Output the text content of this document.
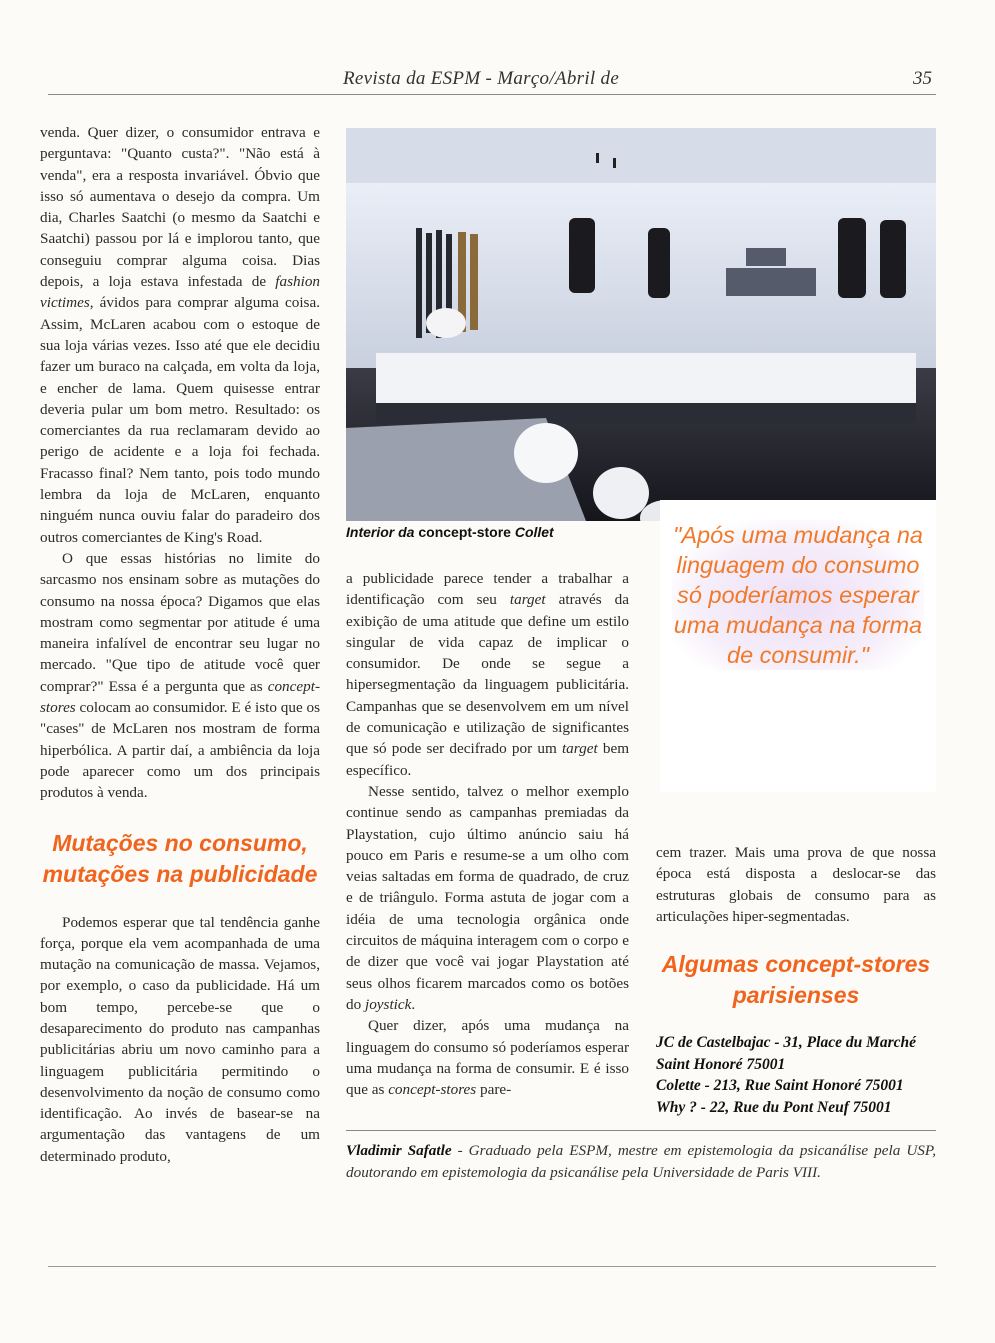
Revista da ESPM - Março/Abril de	35

venda. Quer dizer, o consumidor entrava e perguntava: "Quanto custa?". "Não está à venda", era a resposta invariável. Óbvio que isso só aumentava o desejo da compra. Um dia, Charles Saatchi (o mesmo da Saatchi e Saatchi) passou por lá e implorou tanto, que conseguiu comprar alguma coisa. Dias depois, a loja estava infestada de fashion victimes, ávidos para comprar alguma coisa. Assim, McLaren acabou com o estoque de sua loja várias vezes. Isso até que ele decidiu fazer um buraco na calçada, em volta da loja, e encher de lama. Quem quisesse entrar deveria pular um bom metro. Resultado: os comerciantes da rua reclamaram devido ao perigo de acidente e a loja foi fechada. Fracasso final? Nem tanto, pois todo mundo lembra da loja de McLaren, enquanto ninguém nunca ouviu falar do paradeiro dos outros comerciantes de King's Road.

O que essas histórias no limite do sarcasmo nos ensinam sobre as mutações do consumo na nossa época? Digamos que elas mostram como segmentar por atitude é uma maneira infalível de encontrar seu lugar no mercado. "Que tipo de atitude você quer comprar?" Essa é a pergunta que as concept-stores colocam ao consumidor. E é isto que os "cases" de McLaren nos mostram de forma hiperbólica. A partir daí, a ambiência da loja pode aparecer como um dos principais produtos à venda.

Mutações no consumo, mutações na publicidade

Podemos esperar que tal tendência ganhe força, porque ela vem acompanhada de uma mutação na comunicação de massa. Vejamos, por exemplo, o caso da publicidade. Há um bom tempo, percebe-se que o desaparecimento do produto nas campanhas publicitárias abriu um novo caminho para a linguagem publicitária permitindo o desenvolvimento da noção de consumo como identificação. Ao invés de basear-se na argumentação das vantagens de um determinado produto,

Interior da concept-store Collet	"Após uma mudança na linguagem do consumo só poderíamos esperar uma mudança na forma de consumir."

a publicidade parece tender a trabalhar a identificação com seu target através da exibição de uma atitude que define um estilo singular de vida capaz de implicar o consumidor. De onde se segue a hipersegmentação da linguagem publicitária. Campanhas que se desenvolvem em um nível de comunicação e utilização de significantes que só pode ser decifrado por um target bem específico.

Nesse sentido, talvez o melhor exemplo continue sendo as campanhas premiadas da Playstation, cujo último anúncio saiu há pouco em Paris e resume-se a um olho com veias saltadas em forma de quadrado, de cruz e de triângulo. Forma astuta de jogar com a idéia de uma tecnologia orgânica onde circuitos de máquina interagem com o corpo e de dizer que você vai jogar Playstation até seus olhos ficarem marcados como os botões do joystick.

Quer dizer, após uma mudança na linguagem do consumo só poderíamos esperar uma mudança na forma de consumir. E é isso que as concept-stores pare-

cem trazer. Mais uma prova de que nossa época está disposta a deslocar-se das estruturas globais de consumo para as articulações hiper-segmentadas.

Algumas concept-stores parisienses
JC de Castelbajac - 31, Place du Marché Saint Honoré 75001
Colette - 213, Rue Saint Honoré 75001
Why ? - 22, Rue du Pont Neuf 75001
Vladimir Safatle - Graduado pela ESPM, mestre em epistemologia da psicanálise pela USP, doutorando em epistemologia da psicanálise pela Universidade de Paris VIII.
